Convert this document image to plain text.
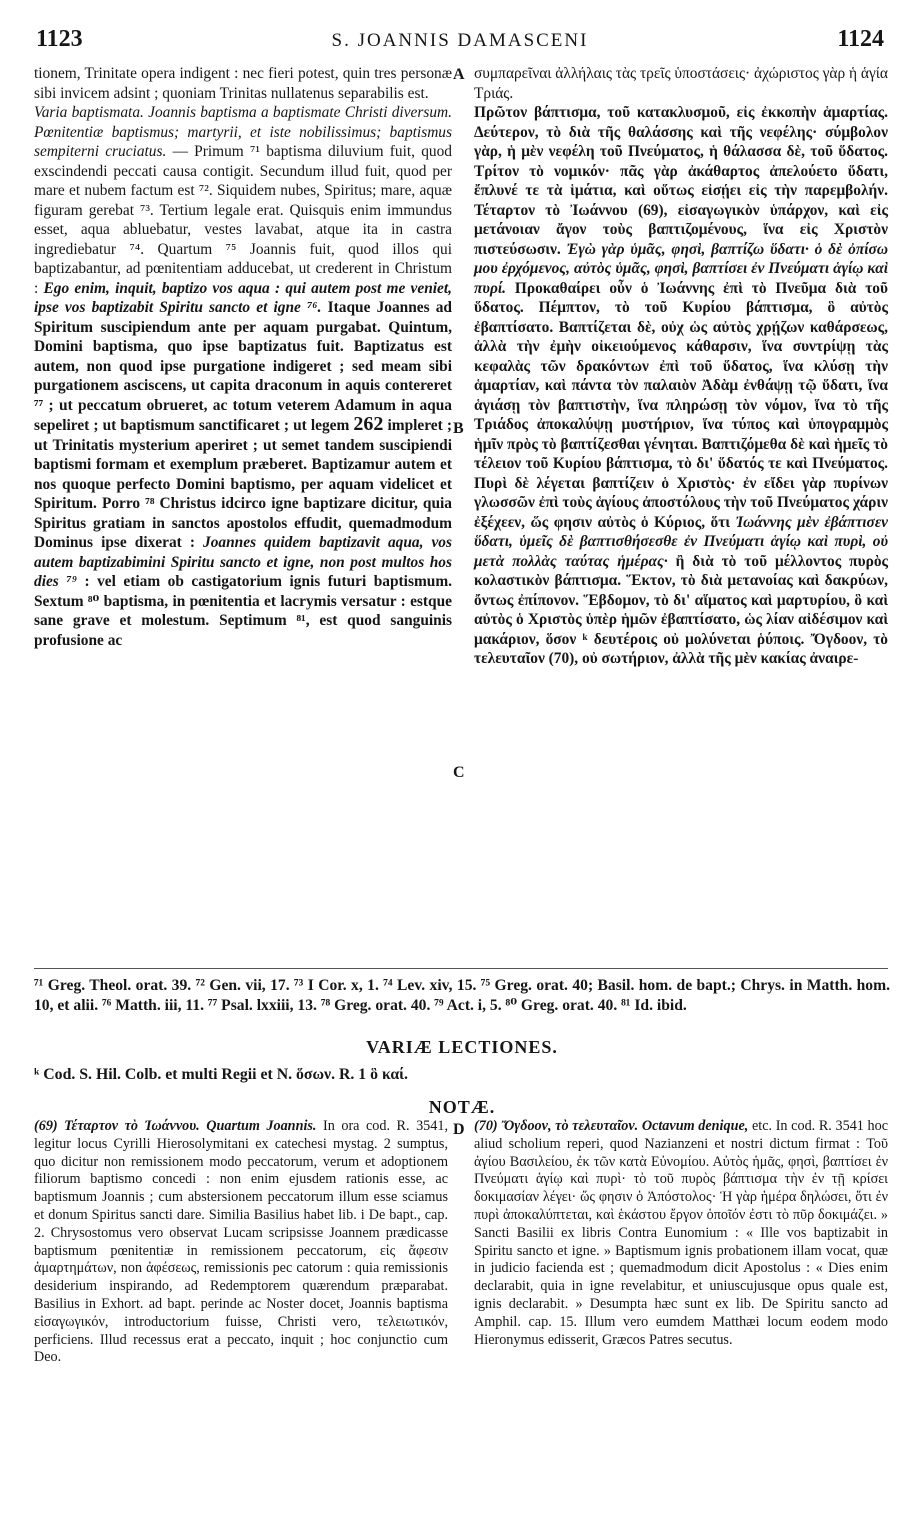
1123	S. JOANNIS DAMASCENI	1124

tionem, Trinitate opera indigent : nec fieri potest, quin tres personæ sibi invicem adsint ; quoniam Trinitas nullatenus separabilis est.

Varia baptismata. Joannis baptisma a baptismate Christi diversum. Pœnitentiæ baptismus; martyrii, et iste nobilissimus; baptismus sempiterni cruciatus. — Primum ⁷¹ baptisma diluvium fuit, quod exscindendi peccati causa contigit. Secundum illud fuit, quod per mare et nubem factum est ⁷². Siquidem nubes, Spiritus; mare, aquæ figuram gerebat ⁷³. Tertium legale erat. Quisquis enim immundus esset, aqua abluebatur, vestes lavabat, atque ita in castra ingrediebatur ⁷⁴. Quartum ⁷⁵ Joannis fuit, quod illos qui baptizabantur, ad pœnitentiam adducebat, ut crederent in Christum : Ego enim, inquit, baptizo vos aqua : qui autem post me veniet, ipse vos baptizabit Spiritu sancto et igne ⁷⁶. Itaque Joannes ad Spiritum suscipiendum ante per aquam purgabat. Quintum, Domini baptisma, quo ipse baptizatus fuit. Baptizatus est autem, non quod ipse purgatione indigeret ; sed meam sibi purgationem asciscens, ut capita draconum in aquis contereret ⁷⁷ ; ut peccatum obrueret, ac totum veterem Adamum in aqua sepeliret ; ut baptismum sanctificaret ; ut legem 262 impleret ; ut Trinitatis mysterium aperiret ; ut semet tandem suscipiendi baptismi formam et exemplum præberet. Baptizamur autem et nos quoque perfecto Domini baptismo, per aquam videlicet et Spiritum. Porro ⁷⁸ Christus idcirco igne baptizare dicitur, quia Spiritus gratiam in sanctos apostolos effudit, quemadmodum Dominus ipse dixerat : Joannes quidem baptizavit aqua, vos autem baptizabimini Spiritu sancto et igne, non post multos hos dies ⁷⁹ : vel etiam ob castigatorium ignis futuri baptismum. Sextum ⁸⁰ baptisma, in pœnitentia et lacrymis versatur : estque sane grave et molestum. Septimum ⁸¹, est quod sanguinis profusione ac

A
B
C

συμπαρεῖναι ἀλλήλαις τὰς τρεῖς ὑποστάσεις· ἀχώριστος γὰρ ἡ ἁγία Τριάς.

Πρῶτον βάπτισμα, τοῦ κατακλυσμοῦ, εἰς ἐκκοπὴν ἁμαρτίας. Δεύτερον, τὸ διὰ τῆς θαλάσσης καὶ τῆς νεφέλης· σύμβολον γὰρ, ἡ μὲν νεφέλη τοῦ Πνεύματος, ἡ θάλασσα δὲ, τοῦ ὕδατος. Τρίτον τὸ νομικόν· πᾶς γὰρ ἀκάθαρτος ἀπελούετο ὕδατι, ἔπλυνέ τε τὰ ἱμάτια, καὶ οὕτως εἰσῄει εἰς τὴν παρεμβολήν. Τέταρτον τὸ Ἰωάννου (69), εἰσαγωγικὸν ὑπάρχον, καὶ εἰς μετάνοιαν ἄγον τοὺς βαπτιζομένους, ἵνα εἰς Χριστὸν πιστεύσωσιν. Ἐγὼ γὰρ ὑμᾶς, φησὶ, βαπτίζω ὕδατι· ὁ δὲ ὀπίσω μου ἐρχόμενος, αὐτὸς ὑμᾶς, φησὶ, βαπτίσει ἐν Πνεύματι ἁγίῳ καὶ πυρί. Προκαθαίρει οὖν ὁ Ἰωάννης ἐπὶ τὸ Πνεῦμα διὰ τοῦ ὕδατος. Πέμπτον, τὸ τοῦ Κυρίου βάπτισμα, ὃ αὐτὸς ἐβαπτίσατο. Βαπτίζεται δὲ, οὐχ ὡς αὐτὸς χρῄζων καθάρσεως, ἀλλὰ τὴν ἐμὴν οἰκειούμενος κάθαρσιν, ἵνα συντρίψῃ τὰς κεφαλὰς τῶν δρακόντων ἐπὶ τοῦ ὕδατος, ἵνα κλύσῃ τὴν ἁμαρτίαν, καὶ πάντα τὸν παλαιὸν Ἀδὰμ ἐνθάψῃ τῷ ὕδατι, ἵνα ἁγιάσῃ τὸν βαπτιστὴν, ἵνα πληρώσῃ τὸν νόμον, ἵνα τὸ τῆς Τριάδος ἀποκαλύψῃ μυστήριον, ἵνα τύπος καὶ ὑπογραμμὸς ἡμῖν πρὸς τὸ βαπτίζεσθαι γένηται. Βαπτιζόμεθα δὲ καὶ ἡμεῖς τὸ τέλειον τοῦ Κυρίου βάπτισμα, τὸ δι' ὕδατός τε καὶ Πνεύματος. Πυρὶ δὲ λέγεται βαπτίζειν ὁ Χριστὸς· ἐν εἴδει γὰρ πυρίνων γλωσσῶν ἐπὶ τοὺς ἁγίους ἀποστόλους τὴν τοῦ Πνεύματος χάριν ἐξέχεεν, ὥς φησιν αὐτὸς ὁ Κύριος, ὅτι Ἰωάννης μὲν ἐβάπτισεν ὕδατι, ὑμεῖς δὲ βαπτισθήσεσθε ἐν Πνεύματι ἁγίῳ καὶ πυρὶ, οὐ μετὰ πολλὰς ταύτας ἡμέρας· ἢ διὰ τὸ τοῦ μέλλοντος πυρὸς κολαστικὸν βάπτισμα. Ἕκτον, τὸ διὰ μετανοίας καὶ δακρύων, ὄντως ἐπίπονον. Ἕβδομον, τὸ δι' αἵματος καὶ μαρτυρίου, ὃ καὶ αὐτὸς ὁ Χριστὸς ὑπὲρ ἡμῶν ἐβαπτίσατο, ὡς λίαν αἰδέσιμον καὶ μακάριον, ὅσον ᵏ δευτέροις οὐ μολύνεται ῥύποις. Ὄγδοον, τὸ τελευταῖον (70), οὐ σωτήριον, ἀλλὰ τῆς μὲν κακίας ἀναιρε-

⁷¹ Greg. Theol. orat. 39. ⁷² Gen. vii, 17. ⁷³ I Cor. x, 1. ⁷⁴ Lev. xiv, 15. ⁷⁵ Greg. orat. 40; Basil. hom. de bapt.; Chrys. in Matth. hom. 10, et alii. ⁷⁶ Matth. iii, 11. ⁷⁷ Psal. lxxiii, 13. ⁷⁸ Greg. orat. 40. ⁷⁹ Act. i, 5. ⁸⁰ Greg. orat. 40. ⁸¹ Id. ibid.
VARIÆ LECTIONES.
ᵏ Cod. S. Hil. Colb. et multi Regii et N. ὅσων. R. 1 ὃ καί.
NOTÆ.
D

(69) Τέταρτον τὸ Ἰωάννου. Quartum Joannis. In ora cod. R. 3541, legitur locus Cyrilli Hierosolymitani ex catechesi mystag. 2 sumptus, quo dicitur non remissionem modo peccatorum, verum et adoptionem filiorum baptismo concedi : non enim ejusdem rationis esse, ac baptismum Joannis ; cum abstersionem peccatorum illum esse sciamus et donum Spiritus sancti dare. Similia Basilius habet lib. i De bapt., cap. 2. Chrysostomus vero observat Lucam scripsisse Joannem prædicasse baptismum pœnitentiæ in remissionem peccatorum, εἰς ἄφεσιν ἁμαρτημάτων, non ἀφέσεως, remissionis pec catorum : quia remissionis desiderium inspirando, ad Redemptorem quærendum præparabat. Basilius in Exhort. ad bapt. perinde ac Noster docet, Joannis baptisma εἰσαγωγικόν, introductorium fuisse, Christi vero, τελειωτικόν, perficiens. Illud recessus erat a peccato, inquit ; hoc conjunctio cum Deo.

(70) Ὄγδοον, τὸ τελευταῖον. Octavum denique, etc. In cod. R. 3541 hoc aliud scholium reperi, quod Nazianzeni et nostri dictum firmat : Τοῦ ἁγίου Βασιλείου, ἐκ τῶν κατὰ Εὐνομίου. Αὐτὸς ἡμᾶς, φησὶ, βαπτίσει ἐν Πνεύματι ἁγίῳ καὶ πυρὶ· τὸ τοῦ πυρὸς βάπτισμα τὴν ἐν τῇ κρίσει δοκιμασίαν λέγει· ὥς φησιν ὁ Ἀπόστολος· Ἡ γὰρ ἡμέρα δηλώσει, ὅτι ἐν πυρὶ ἀποκαλύπτεται, καὶ ἑκάστου ἔργον ὁποῖόν ἐστι τὸ πῦρ δοκιμάζει. » Sancti Basilii ex libris Contra Eunomium : « Ille vos baptizabit in Spiritu sancto et igne. » Baptismum ignis probationem illam vocat, quæ in judicio facienda est ; quemadmodum dicit Apostolus : « Dies enim declarabit, quia in igne revelabitur, et uniuscujusque opus quale est, ignis declarabit. » Desumpta hæc sunt ex lib. De Spiritu sancto ad Amphil. cap. 15. Illum vero eumdem Matthæi locum eodem modo Hieronymus edisserit, Græcos Patres secutus.
